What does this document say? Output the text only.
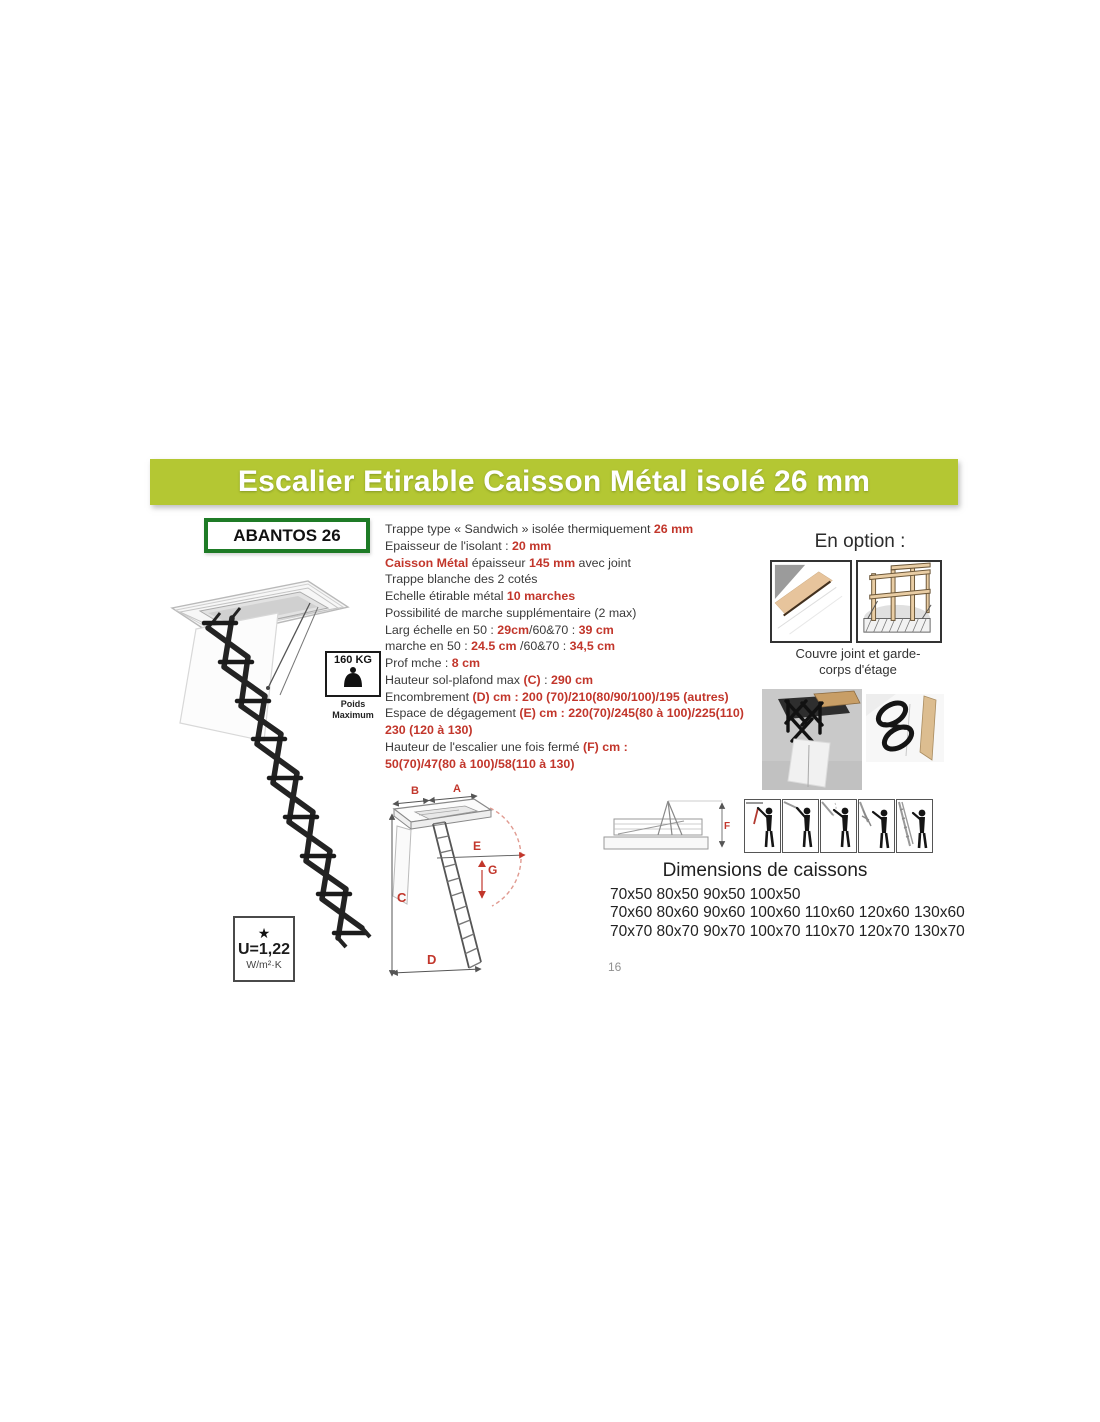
Escalier Etirable Caisson Métal isolé 26 mm
ABANTOS 26	Trappe type « Sandwich » isolée thermiquement 26 mm
Epaisseur de l'isolant : 20 mm
Caisson Métal épaisseur 145 mm avec joint
Trappe blanche des 2 cotés
Echelle étirable métal 10 marches
Possibilité de marche supplémentaire (2 max)
Larg échelle en 50 : 29cm/60&70 : 39 cm
marche en 50 : 24.5 cm /60&70 : 34,5 cm
Prof mche : 8 cm
Hauteur sol-plafond max (C) : 290 cm
Encombrement (D) cm : 200 (70)/210(80/90/100)/195 (autres)
Espace de dégagement (E) cm : 220(70)/245(80 à 100)/225(110)
230 (120 à 130)
Hauteur de l'escalier une fois fermé (F) cm :
50(70)/47(80 à 100)/58(110 à 130)
160 KG
Poids
Maximum
★
U=1,22
W/m²·K
En option :
Couvre joint et garde-
corps d'étage
B	A
C
E
G
D
F
Dimensions de caissons
70x50 80x50 90x50 100x50
70x60 80x60 90x60 100x60 110x60 120x60 130x60
70x70 80x70 90x70 100x70 110x70 120x70 130x70
16
